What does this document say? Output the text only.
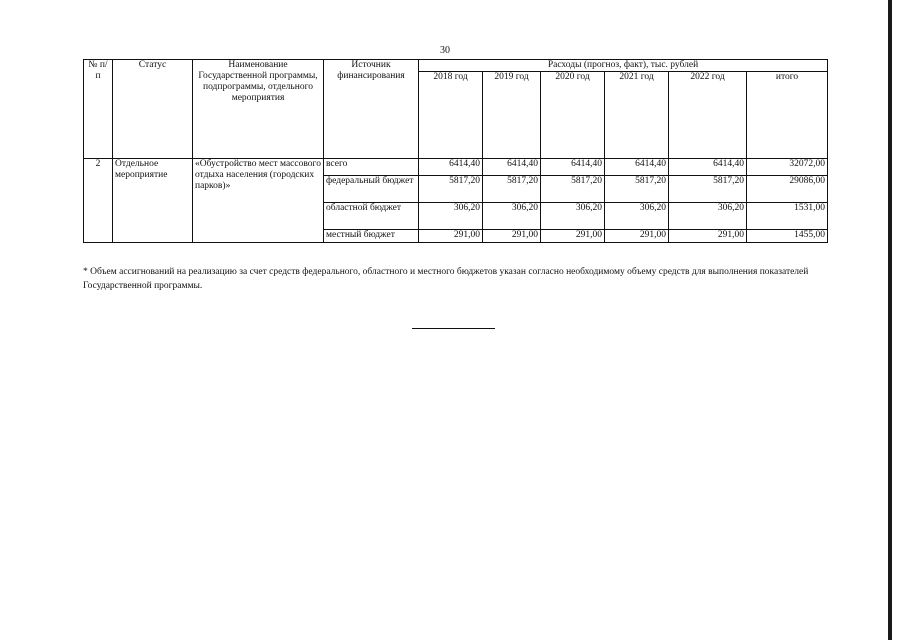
30
№ п/п	Статус	Наименование Государственной программы, подпрограммы, отдельного мероприятия	Источник финансирования	Расходы (прогноз, факт), тыс. рублей					
				2018 год	2019 год	2020 год	2021 год	2022 год	итого
2	Отдельное мероприятие	«Обустройство мест массового отдыха населения (городских парков)»	всего	6414,40	6414,40	6414,40	6414,40	6414,40	32072,00
			федеральный бюджет	5817,20	5817,20	5817,20	5817,20	5817,20	29086,00
			областной бюджет	306,20	306,20	306,20	306,20	306,20	1531,00
			местный бюджет	291,00	291,00	291,00	291,00	291,00	1455,00
* Объем ассигнований на реализацию за счет средств федерального, областного и местного бюджетов указан согласно необходимому объему средств для выполнения показателей Государственной программы.
